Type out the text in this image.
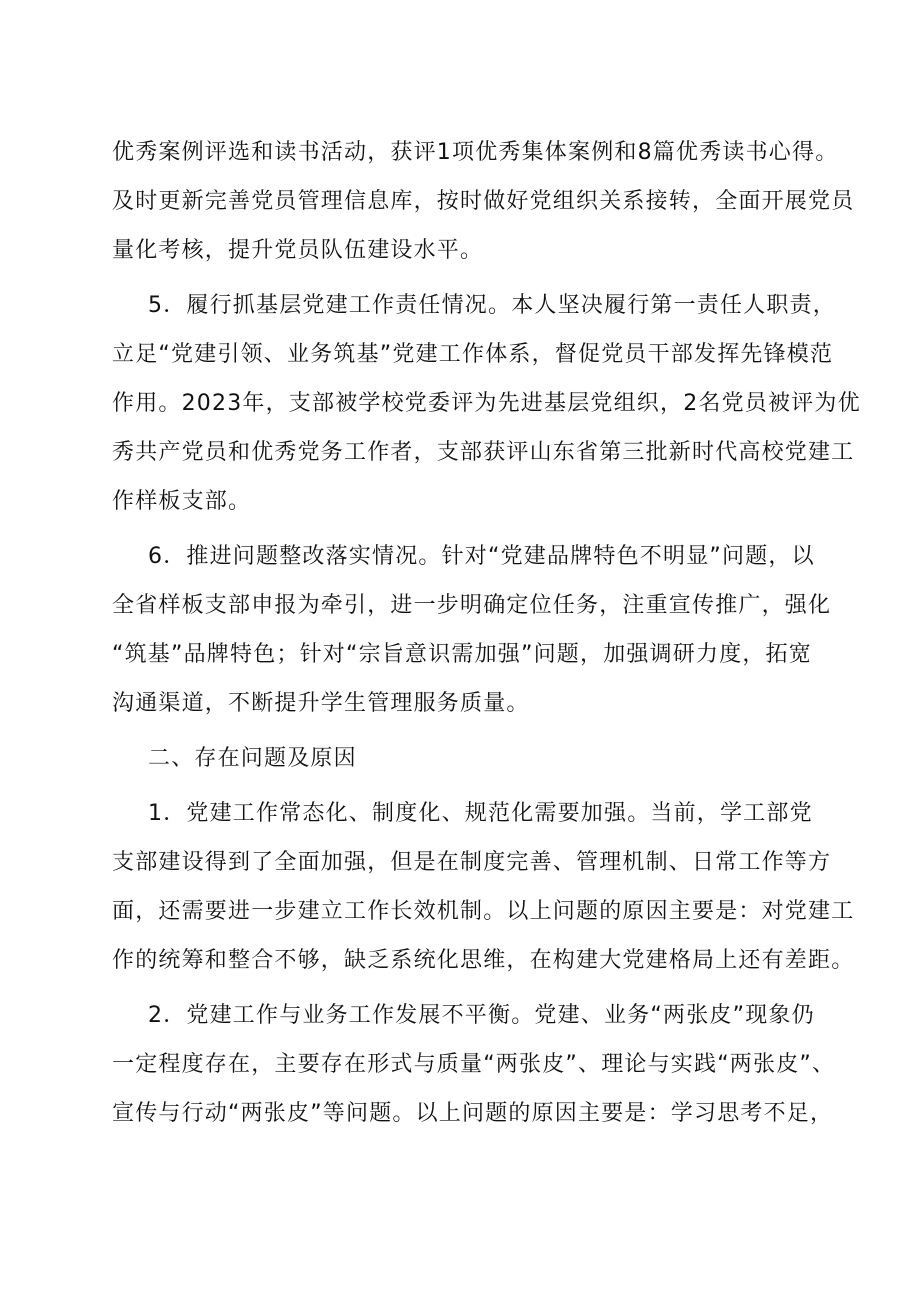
优秀案例评选和读书活动，获评1项优秀集体案例和8篇优秀读书心得。
及时更新完善党员管理信息库，按时做好党组织关系接转，全面开展党员
量化考核，提升党员队伍建设水平。
5．履行抓基层党建工作责任情况。本人坚决履行第一责任人职责，
立足“党建引领、业务筑基”党建工作体系，督促党员干部发挥先锋模范
作用。2023年，支部被学校党委评为先进基层党组织，2名党员被评为优
秀共产党员和优秀党务工作者，支部获评山东省第三批新时代高校党建工
作样板支部。
6．推进问题整改落实情况。针对“党建品牌特色不明显”问题，以
全省样板支部申报为牵引，进一步明确定位任务，注重宣传推广，强化
“筑基”品牌特色；针对“宗旨意识需加强”问题，加强调研力度，拓宽
沟通渠道，不断提升学生管理服务质量。
二、存在问题及原因
1．党建工作常态化、制度化、规范化需要加强。当前，学工部党
支部建设得到了全面加强，但是在制度完善、管理机制、日常工作等方
面，还需要进一步建立工作长效机制。以上问题的原因主要是：对党建工
作的统筹和整合不够，缺乏系统化思维，在构建大党建格局上还有差距。
2．党建工作与业务工作发展不平衡。党建、业务“两张皮”现象仍
一定程度存在，主要存在形式与质量“两张皮”、理论与实践“两张皮”、
宣传与行动“两张皮”等问题。以上问题的原因主要是：学习思考不足，
